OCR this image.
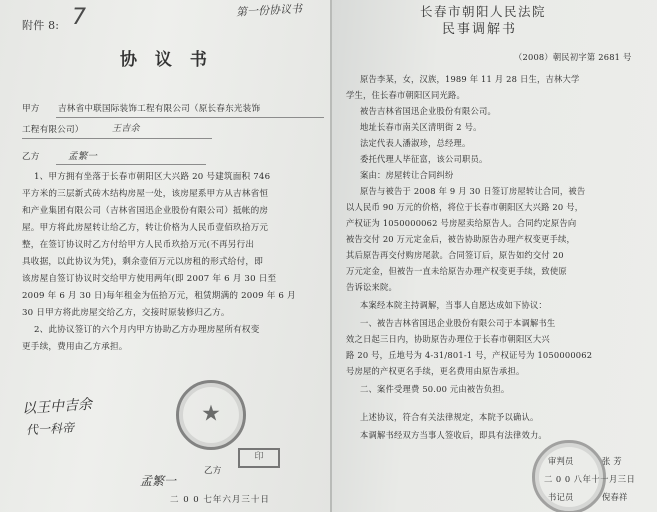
附件 8: 7
协 议 书
甲方 吉林省中联国际装饰工程有限公司（原长春东光装饰
工程有限公司）	王吉余
乙方	孟繁一
1、甲方拥有坐落于长春市朝阳区大兴路 20 号建筑面积 746
平方米的三层新式砖木结构房屋一处，该房屋系甲方从吉林省恒
和产业集团有限公司（吉林省国迅企业股份有限公司）抵帐的房
屋。甲方将此房屋转让给乙方，转让价格为人民币壹佰玖拾万元
整，在签订协议时乙方付给甲方人民币玖拾万元(不再另行出
具收据，以此协议为凭)，剩余壹佰万元以房租的形式给付，即
该房屋自签订协议时交给甲方使用两年(即 2007 年 6 月 30 日至
2009 年 6 月 30 日)每年租金为伍拾万元，租赁期满的 2009 年 6 月
30 日甲方将此房屋交给乙方，交接时原装修归乙方。
2、此协议签订的六个月内甲方协助乙方办理房屋所有权变
更手续，费用由乙方承担。
以王中吉余
代一科帝
★
乙方
印
孟繁一
二 0 0 七年六月三十日
第一份协议书	长春市朝阳人民法院
民事调解书
（2008）朝民初字第 2681 号
原告李某，女，汉族，1989 年 11 月 28 日生，吉林大学
学生，住长春市朝阳区同光路。
被告吉林省国迅企业股份有限公司。
地址长春市南关区清明街 2 号。
法定代表人潘淑珍，总经理。
委托代理人毕征富，该公司职员。
案由：房屋转让合同纠纷
原告与被告于 2008 年 9 月 30 日签订房屋转让合同，被告
以人民币 90 万元的价格，将位于长春市朝阳区大兴路 20 号，
产权证为 1050000062 号房屋卖给原告人。合同约定原告向
被告交付 20 万元定金后，被告协助原告办理产权变更手续，
其后原告再交付购房尾款。合同签订后，原告如约交付 20
万元定金，但被告一直未给原告办理产权变更手续，致使原
告诉讼来院。
本案经本院主持调解，当事人自愿达成如下协议：
一、被告吉林省国迅企业股份有限公司于本调解书生
效之日起三日内，协助原告办理位于长春市朝阳区大兴
路 20 号，丘地号为 4-31/801-1 号，产权证号为 1050000062
号房屋的产权更名手续，更名费用由原告承担。
二、案件受理费 50.00 元由被告负担。
上述协议，符合有关法律规定，本院予以确认。
本调解书经双方当事人签收后，即具有法律效力。
审判员	张 芳
二 0 0 八年十一月三日
书记员	倪春祥
